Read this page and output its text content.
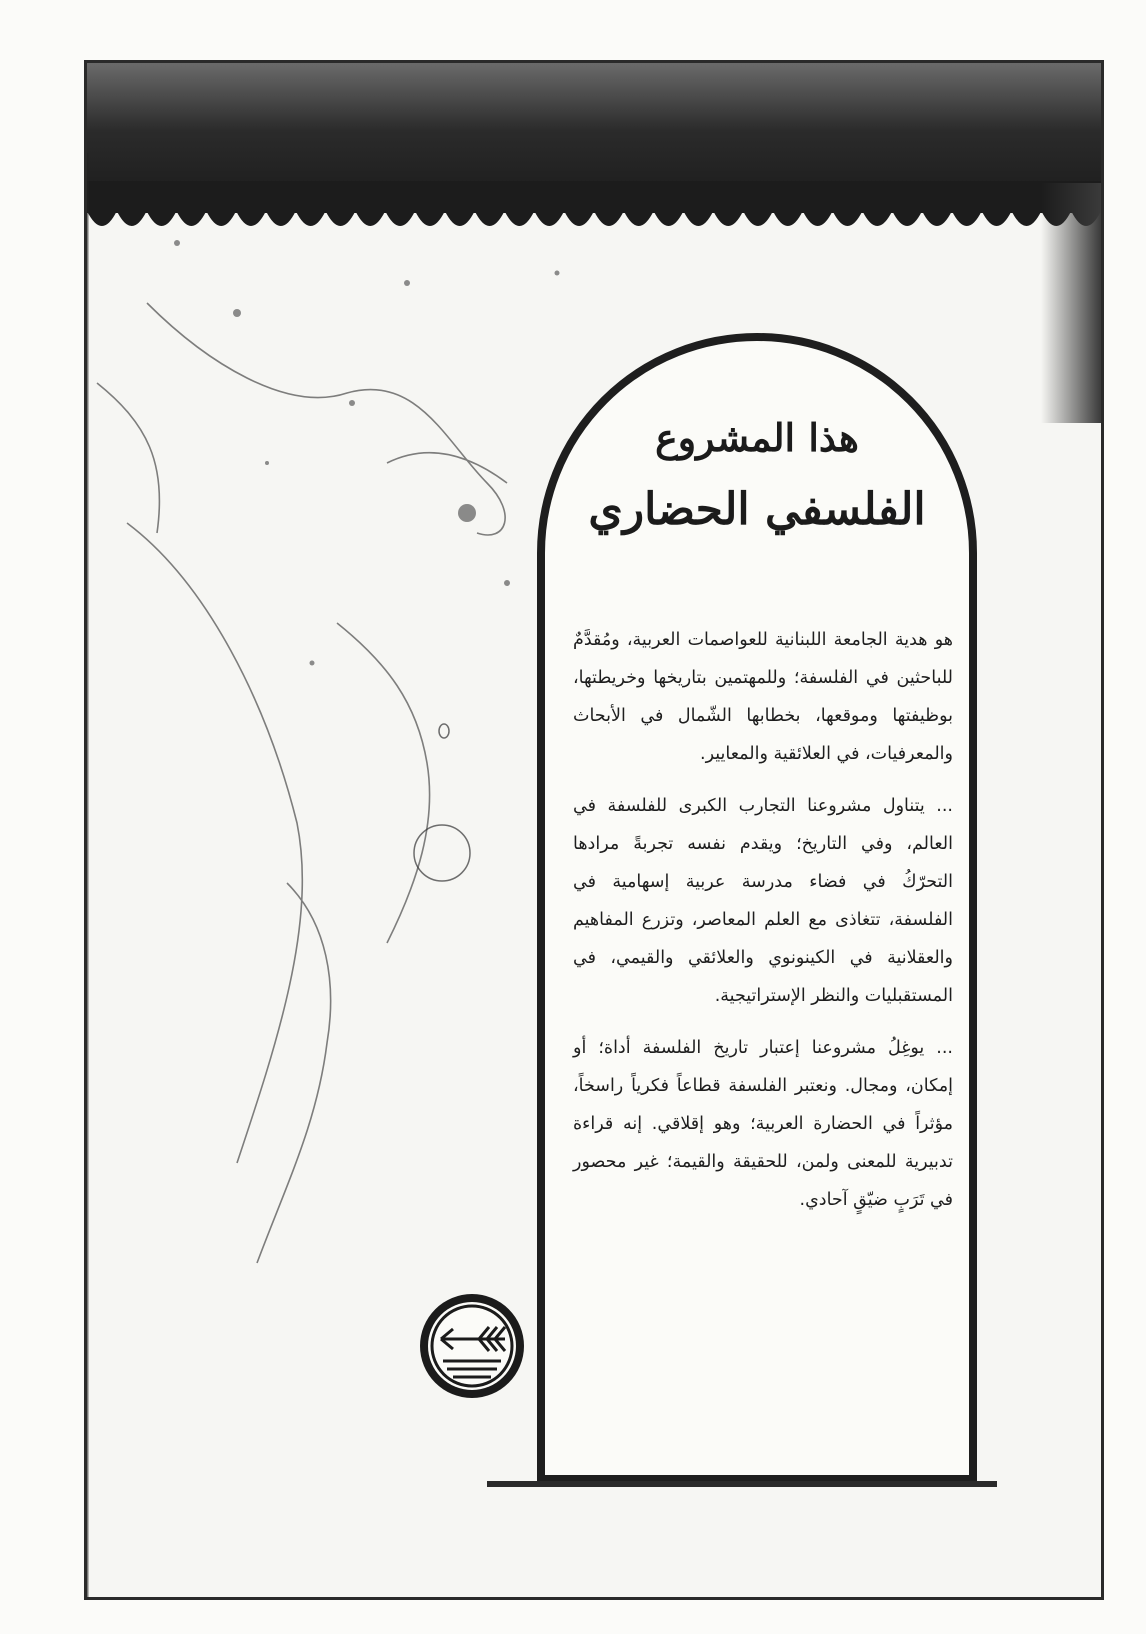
هذا المشروع
الفلسفي الحضاري

هو هدية الجامعة اللبنانية للعواصمات العربية، ومُقدَّمٌ للباحثين في الفلسفة؛ وللمهتمين بتاريخها وخريطتها، بوظيفتها وموقعها، بخطابها الشّمال في الأبحاث والمعرفيات، في العلائقية والمعايير.

... يتناول مشروعنا التجارب الكبرى للفلسفة في العالم، وفي التاريخ؛ ويقدم نفسه تجربةً مرادها التحرّكُ في فضاء مدرسة عربية إسهامية في الفلسفة، تتغاذى مع العلم المعاصر، وتزرع المفاهيم والعقلانية في الكينونوي والعلائقي والقيمي، في المستقبليات والنظر الإستراتيجية.

... يوغِلُ مشروعنا إعتبار تاريخ الفلسفة أداة؛ أو إمكان، ومجال. ونعتبر الفلسفة قطاعاً فكرياً راسخاً، مؤثراً في الحضارة العربية؛ وهو إقلاقي. إنه قراءة تدبيرية للمعنى ولمن، للحقيقة والقيمة؛ غير محصور في تَرَبٍ ضيّقٍ آحادي.
